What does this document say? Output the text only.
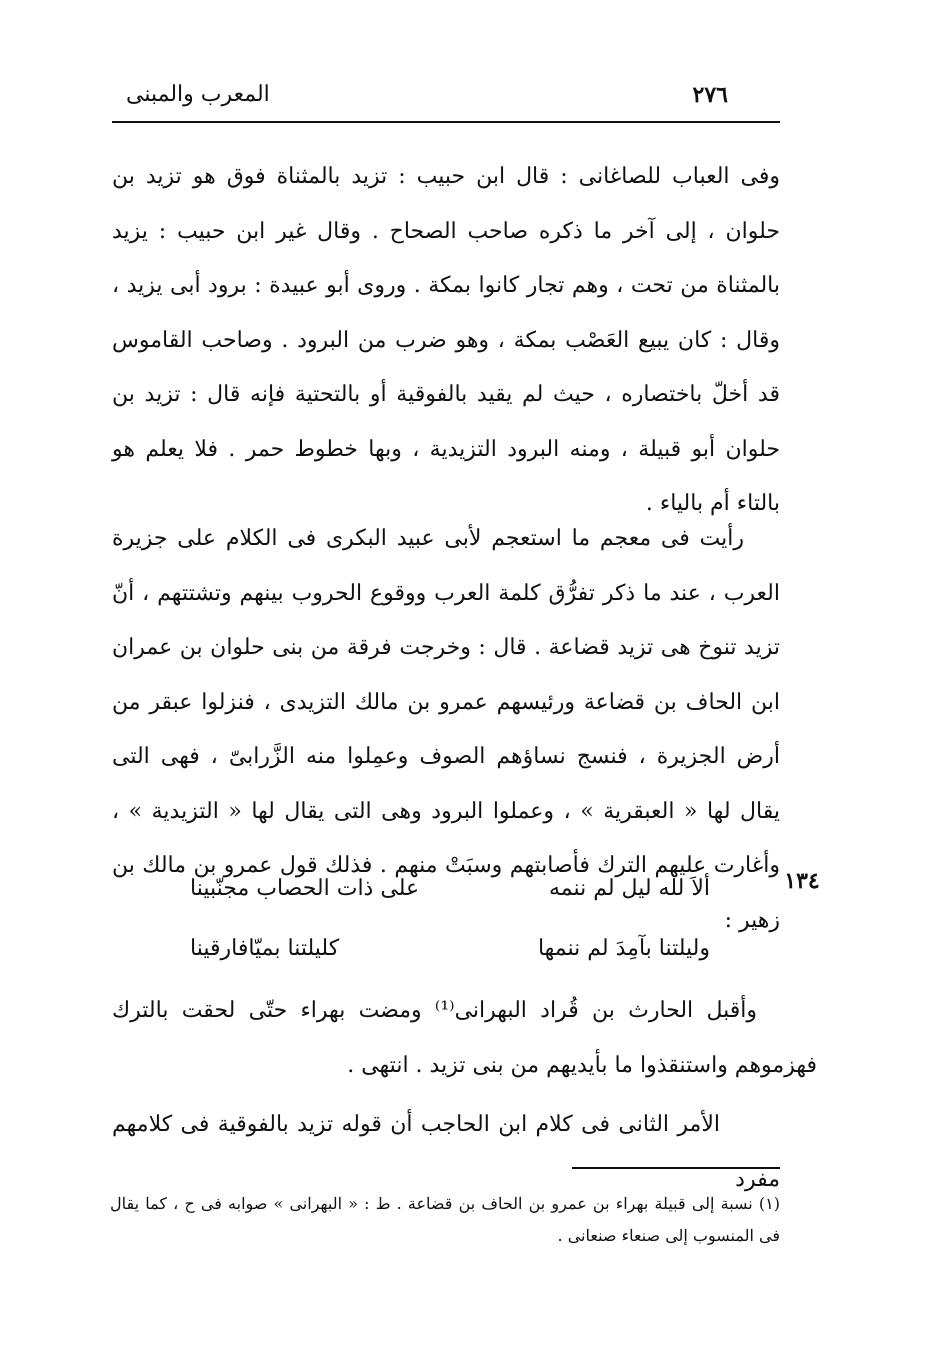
٢٧٦
المعرب والمبنى

وفى العباب للصاغانى : قال ابن حبيب : تزيد بالمثناة فوق هو تزيد بن حلوان ، إلى آخر ما ذكره صاحب الصحاح . وقال غير ابن حبيب : يزيد بالمثناة من تحت ، وهم تجار كانوا بمكة . وروى أبو عبيدة : برود أبى يزيد ، وقال : كان يبيع العَصْب بمكة ، وهو ضرب من البرود . وصاحب القاموس قد أخلّ باختصاره ، حيث لم يقيد بالفوقية أو بالتحتية فإنه قال : تزيد بن حلوان أبو قبيلة ، ومنه البرود التزيدية ، وبها خطوط حمر . فلا يعلم هو بالتاء أم بالياء .

رأيت فى معجم ما استعجم لأبى عبيد البكرى فى الكلام على جزيرة العرب ، عند ما ذكر تفرُّق كلمة العرب ووقوع الحروب بينهم وتشتتهم ، أنّ تزيد تنوخ هى تزيد قضاعة . قال : وخرجت فرقة من بنى حلوان بن عمران ابن الحاف بن قضاعة ورئيسهم عمرو بن مالك التزيدى ، فنزلوا عبقر من أرض الجزيرة ، فنسج نساؤهم الصوف وعمِلوا منه الزَّرابىّ ، فهى التى يقال لها « العبقرية » ، وعملوا البرود وهى التى يقال لها « التزيدية » ، وأغارت عليهم الترك فأصابتهم وسبَتْ منهم . فذلك قول عمرو بن مالك بن زهير :

١٣٤
ألاَ لله ليل لم ننمه
على ذات الحصاب مجنّبينا
وليلتنا بآمِدَ لم ننمها
كليلتنا بميّافارقينا

وأقبل الحارث بن قُراد البهرانى⁽¹⁾ ومضت بهراء حتّى لحقت بالترك فهزموهم واستنقذوا ما بأيديهم من بنى تزيد . انتهى .

الأمر الثانى فى كلام ابن الحاجب أن قوله تزيد بالفوقية فى كلامهم مفرد

(١) نسبة إلى قبيلة بهراء بن عمرو بن الحاف بن قضاعة . ط : « البهرانى » صوابه فى ح ، كما يقال فى المنسوب إلى صنعاء صنعانى .
